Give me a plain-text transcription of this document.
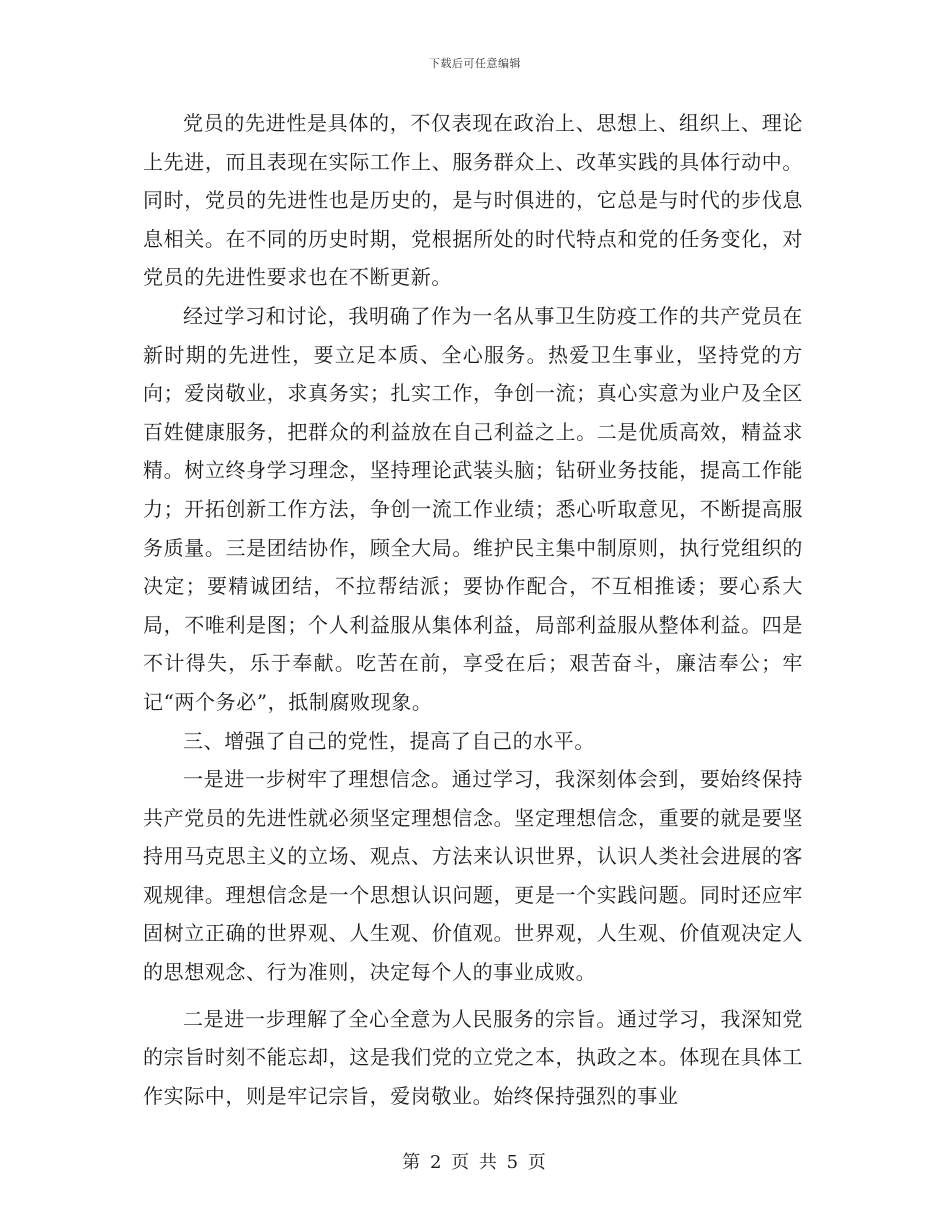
下载后可任意编辑

党员的先进性是具体的，不仅表现在政治上、思想上、组织上、理论上先进，而且表现在实际工作上、服务群众上、改革实践的具体行动中。同时，党员的先进性也是历史的，是与时俱进的，它总是与时代的步伐息息相关。在不同的历史时期，党根据所处的时代特点和党的任务变化，对党员的先进性要求也在不断更新。

经过学习和讨论，我明确了作为一名从事卫生防疫工作的共产党员在新时期的先进性，要立足本质、全心服务。热爱卫生事业，坚持党的方向；爱岗敬业，求真务实；扎实工作，争创一流；真心实意为业户及全区百姓健康服务，把群众的利益放在自己利益之上。二是优质高效，精益求精。树立终身学习理念，坚持理论武装头脑；钻研业务技能，提高工作能力；开拓创新工作方法，争创一流工作业绩；悉心听取意见，不断提高服务质量。三是团结协作，顾全大局。维护民主集中制原则，执行党组织的决定；要精诚团结，不拉帮结派；要协作配合，不互相推诿；要心系大局，不唯利是图；个人利益服从集体利益，局部利益服从整体利益。四是不计得失，乐于奉献。吃苦在前，享受在后；艰苦奋斗，廉洁奉公；牢记“两个务必”，抵制腐败现象。

三、增强了自己的党性，提高了自己的水平。

一是进一步树牢了理想信念。通过学习，我深刻体会到，要始终保持共产党员的先进性就必须坚定理想信念。坚定理想信念，重要的就是要坚持用马克思主义的立场、观点、方法来认识世界，认识人类社会进展的客观规律。理想信念是一个思想认识问题，更是一个实践问题。同时还应牢固树立正确的世界观、人生观、价值观。世界观，人生观、价值观决定人的思想观念、行为准则，决定每个人的事业成败。

二是进一步理解了全心全意为人民服务的宗旨。通过学习，我深知党的宗旨时刻不能忘却，这是我们党的立党之本，执政之本。体现在具体工作实际中，则是牢记宗旨，爱岗敬业。始终保持强烈的事业

第 2 页 共 5 页
